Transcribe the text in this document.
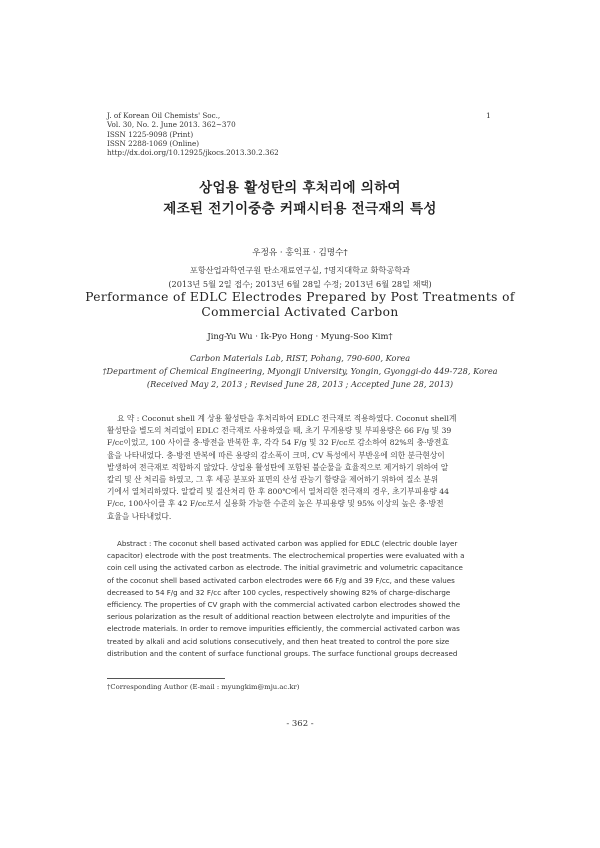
J. of Korean Oil Chemists' Soc.,
Vol. 30, No. 2. June 2013. 362~370
ISSN 1225-9098 (Print)
ISSN 2288-1069 (Online)
http://dx.doi.org/10.12925/jkocs.2013.30.2.362
1
상업용 활성탄의 후처리에 의하여
제조된 전기이중층 커패시터용 전극재의 특성
우정유 · 홍익표 · 김명수†
포항산업과학연구원 탄소재료연구실, †명지대학교 화학공학과
(2013년 5월 2일 접수; 2013년 6월 28일 수정; 2013년 6월 28일 채택)
Performance of EDLC Electrodes Prepared by Post Treatments of
Commercial Activated Carbon
Jing-Yu Wu · Ik-Pyo Hong · Myung-Soo Kim†
Carbon Materials Lab, RIST, Pohang, 790-600, Korea
†Department of Chemical Engineering, Myongji University, Yongin, Gyonggi-do 449-728, Korea
(Received May 2, 2013 ; Revised June 28, 2013 ; Accepted June 28, 2013)
요 약 : Coconut shell 계 상용 활성탄을 후처리하여 EDLC 전극재로 적용하였다. Coconut shell계
활성탄을 별도의 처리없이 EDLC 전극재로 사용하였을 때, 초기 무게용량 및 부피용량은 66 F/g 및 39
F/cc이었고, 100 사이클 충·방전을 반복한 후, 각각 54 F/g 및 32 F/cc로 감소하여 82%의 충·방전효
율을 나타내었다. 충·방전 반복에 따른 용량의 감소폭이 크며, CV 특성에서 부반응에 의한 분극현상이
발생하여 전극재로 적합하지 않았다. 상업용 활성탄에 포함된 불순물을 효율적으로 제거하기 위하여 알
칼리 및 산 처리를 하였고, 그 후 세공 분포와 표면의 산성 관능기 함량을 제어하기 위하여 질소 분위
기에서 열처리하였다. 알칼리 및 질산처리 한 후 800℃에서 열처리한 전극재의 경우, 초기부피용량 44
F/cc, 100사이클 후 42 F/cc로서 실용화 가능한 수준의 높은 부피용량 및 95% 이상의 높은 충·방전
효율을 나타내었다.
Abstract : The coconut shell based activated carbon was applied for EDLC (electric double layer
capacitor) electrode with the post treatments. The electrochemical properties were evaluated with a
coin cell using the activated carbon as electrode. The initial gravimetric and volumetric capacitance
of the coconut shell based activated carbon electrodes were 66 F/g and 39 F/cc, and these values
decreased to 54 F/g and 32 F/cc after 100 cycles, respectively showing 82% of charge-discharge
efficiency. The properties of CV graph with the commercial activated carbon electrodes showed the
serious polarization as the result of additional reaction between electrolyte and impurities of the
electrode materials. In order to remove impurities efficiently, the commercial activated carbon was
treated by alkali and acid solutions consecutively, and then heat treated to control the pore size
distribution and the content of surface functional groups. The surface functional groups decreased
†Corresponding Author (E-mail : myungkim@mju.ac.kr)
- 362 -
